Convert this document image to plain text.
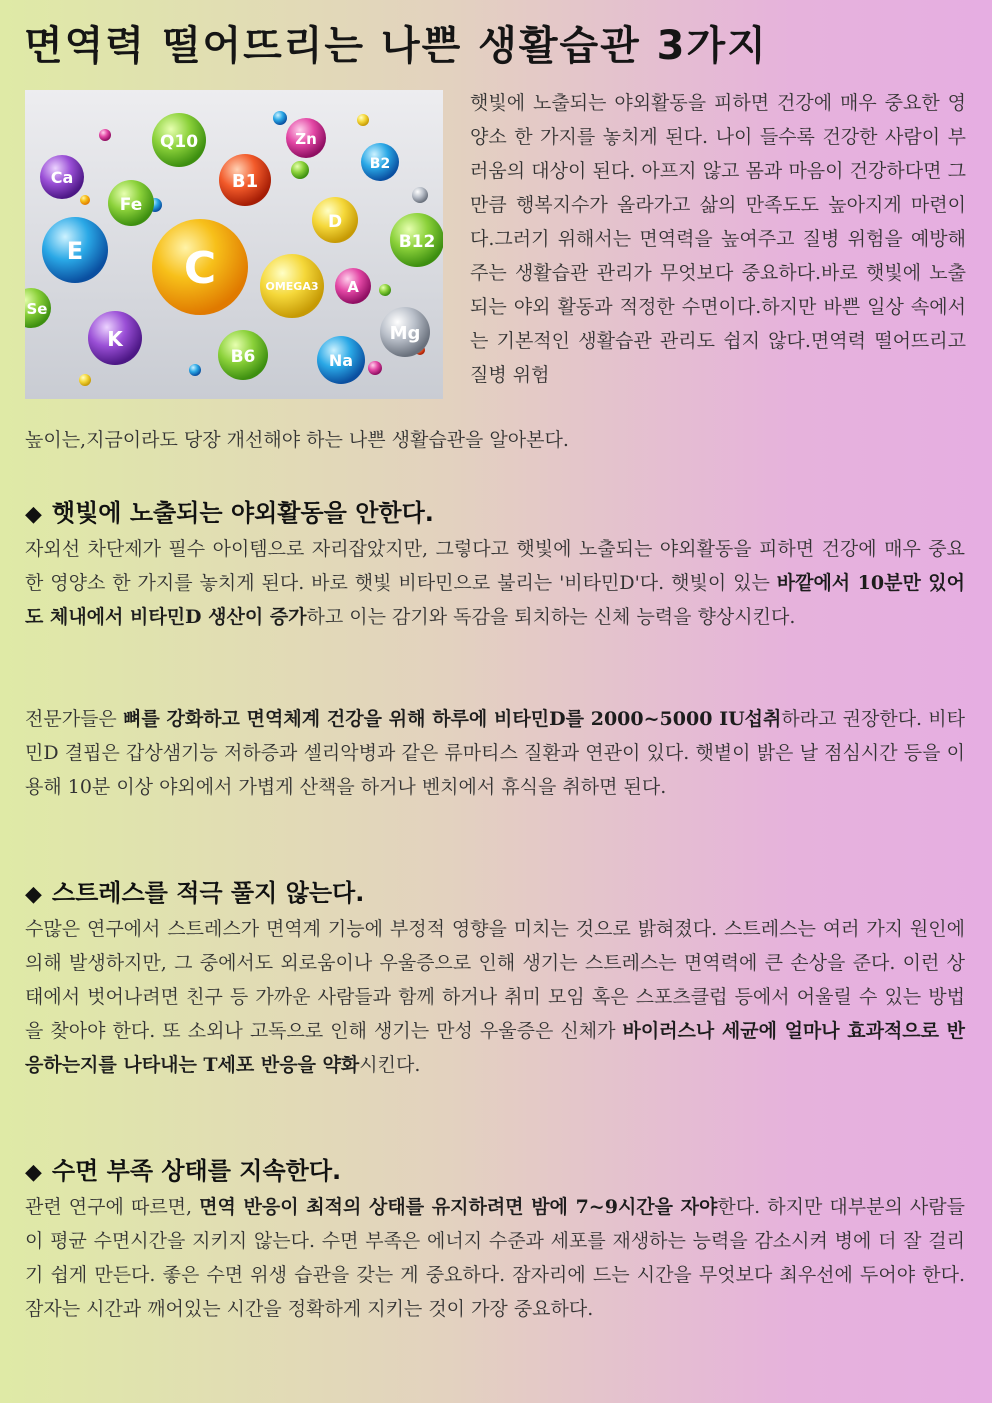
면역력 떨어뜨리는 나쁜 생활습관 3가지
Q10	Zn
Ca	B1
B2
Fe
D
E C
B12
OMEGA3 A
K
B6	Na
Mg
Se
햇빛에 노출되는 야외활동을 피하면 건강에 매우 중요한 영양소 한 가지를 놓치게 된다. 나이 들수록 건강한 사람이 부러움의 대상이 된다. 아프지 않고 몸과 마음이 건강하다면 그만큼 행복지수가 올라가고 삶의 만족도도 높아지게 마련이다.그러기 위해서는 면역력을 높여주고 질병 위험을 예방해주는 생활습관 관리가 무엇보다 중요하다.바로 햇빛에 노출되는 야외 활동과 적정한 수면이다.하지만 바쁜 일상 속에서는 기본적인 생활습관 관리도 쉽지 않다.면역력 떨어뜨리고 질병 위험
높이는,지금이라도 당장 개선해야 하는 나쁜 생활습관을 알아본다.
◆ 햇빛에 노출되는 야외활동을 안한다.

자외선 차단제가 필수 아이템으로 자리잡았지만, 그렇다고 햇빛에 노출되는 야외활동을 피하면 건강에 매우 중요한 영양소 한 가지를 놓치게 된다. 바로 햇빛 비타민으로 불리는 '비타민D'다. 햇빛이 있는 바깥에서 10분만 있어도 체내에서 비타민D 생산이 증가하고 이는 감기와 독감을 퇴치하는 신체 능력을 향상시킨다.

전문가들은 뼈를 강화하고 면역체계 건강을 위해 하루에 비타민D를 2000~5000 IU섭취하라고 권장한다. 비타민D 결핍은 갑상샘기능 저하증과 셀리악병과 같은 류마티스 질환과 연관이 있다. 햇볕이 밝은 날 점심시간 등을 이용해 10분 이상 야외에서 가볍게 산책을 하거나 벤치에서 휴식을 취하면 된다.

◆ 스트레스를 적극 풀지 않는다.

수많은 연구에서 스트레스가 면역계 기능에 부정적 영향을 미치는 것으로 밝혀졌다. 스트레스는 여러 가지 원인에 의해 발생하지만, 그 중에서도 외로움이나 우울증으로 인해 생기는 스트레스는 면역력에 큰 손상을 준다. 이런 상태에서 벗어나려면 친구 등 가까운 사람들과 함께 하거나 취미 모임 혹은 스포츠클럽 등에서 어울릴 수 있는 방법을 찾아야 한다. 또 소외나 고독으로 인해 생기는 만성 우울증은 신체가 바이러스나 세균에 얼마나 효과적으로 반응하는지를 나타내는 T세포 반응을 약화시킨다.

◆ 수면 부족 상태를 지속한다.

관련 연구에 따르면, 면역 반응이 최적의 상태를 유지하려면 밤에 7~9시간을 자야한다. 하지만 대부분의 사람들이 평균 수면시간을 지키지 않는다. 수면 부족은 에너지 수준과 세포를 재생하는 능력을 감소시켜 병에 더 잘 걸리기 쉽게 만든다. 좋은 수면 위생 습관을 갖는 게 중요하다. 잠자리에 드는 시간을 무엇보다 최우선에 두어야 한다. 잠자는 시간과 깨어있는 시간을 정확하게 지키는 것이 가장 중요하다.
